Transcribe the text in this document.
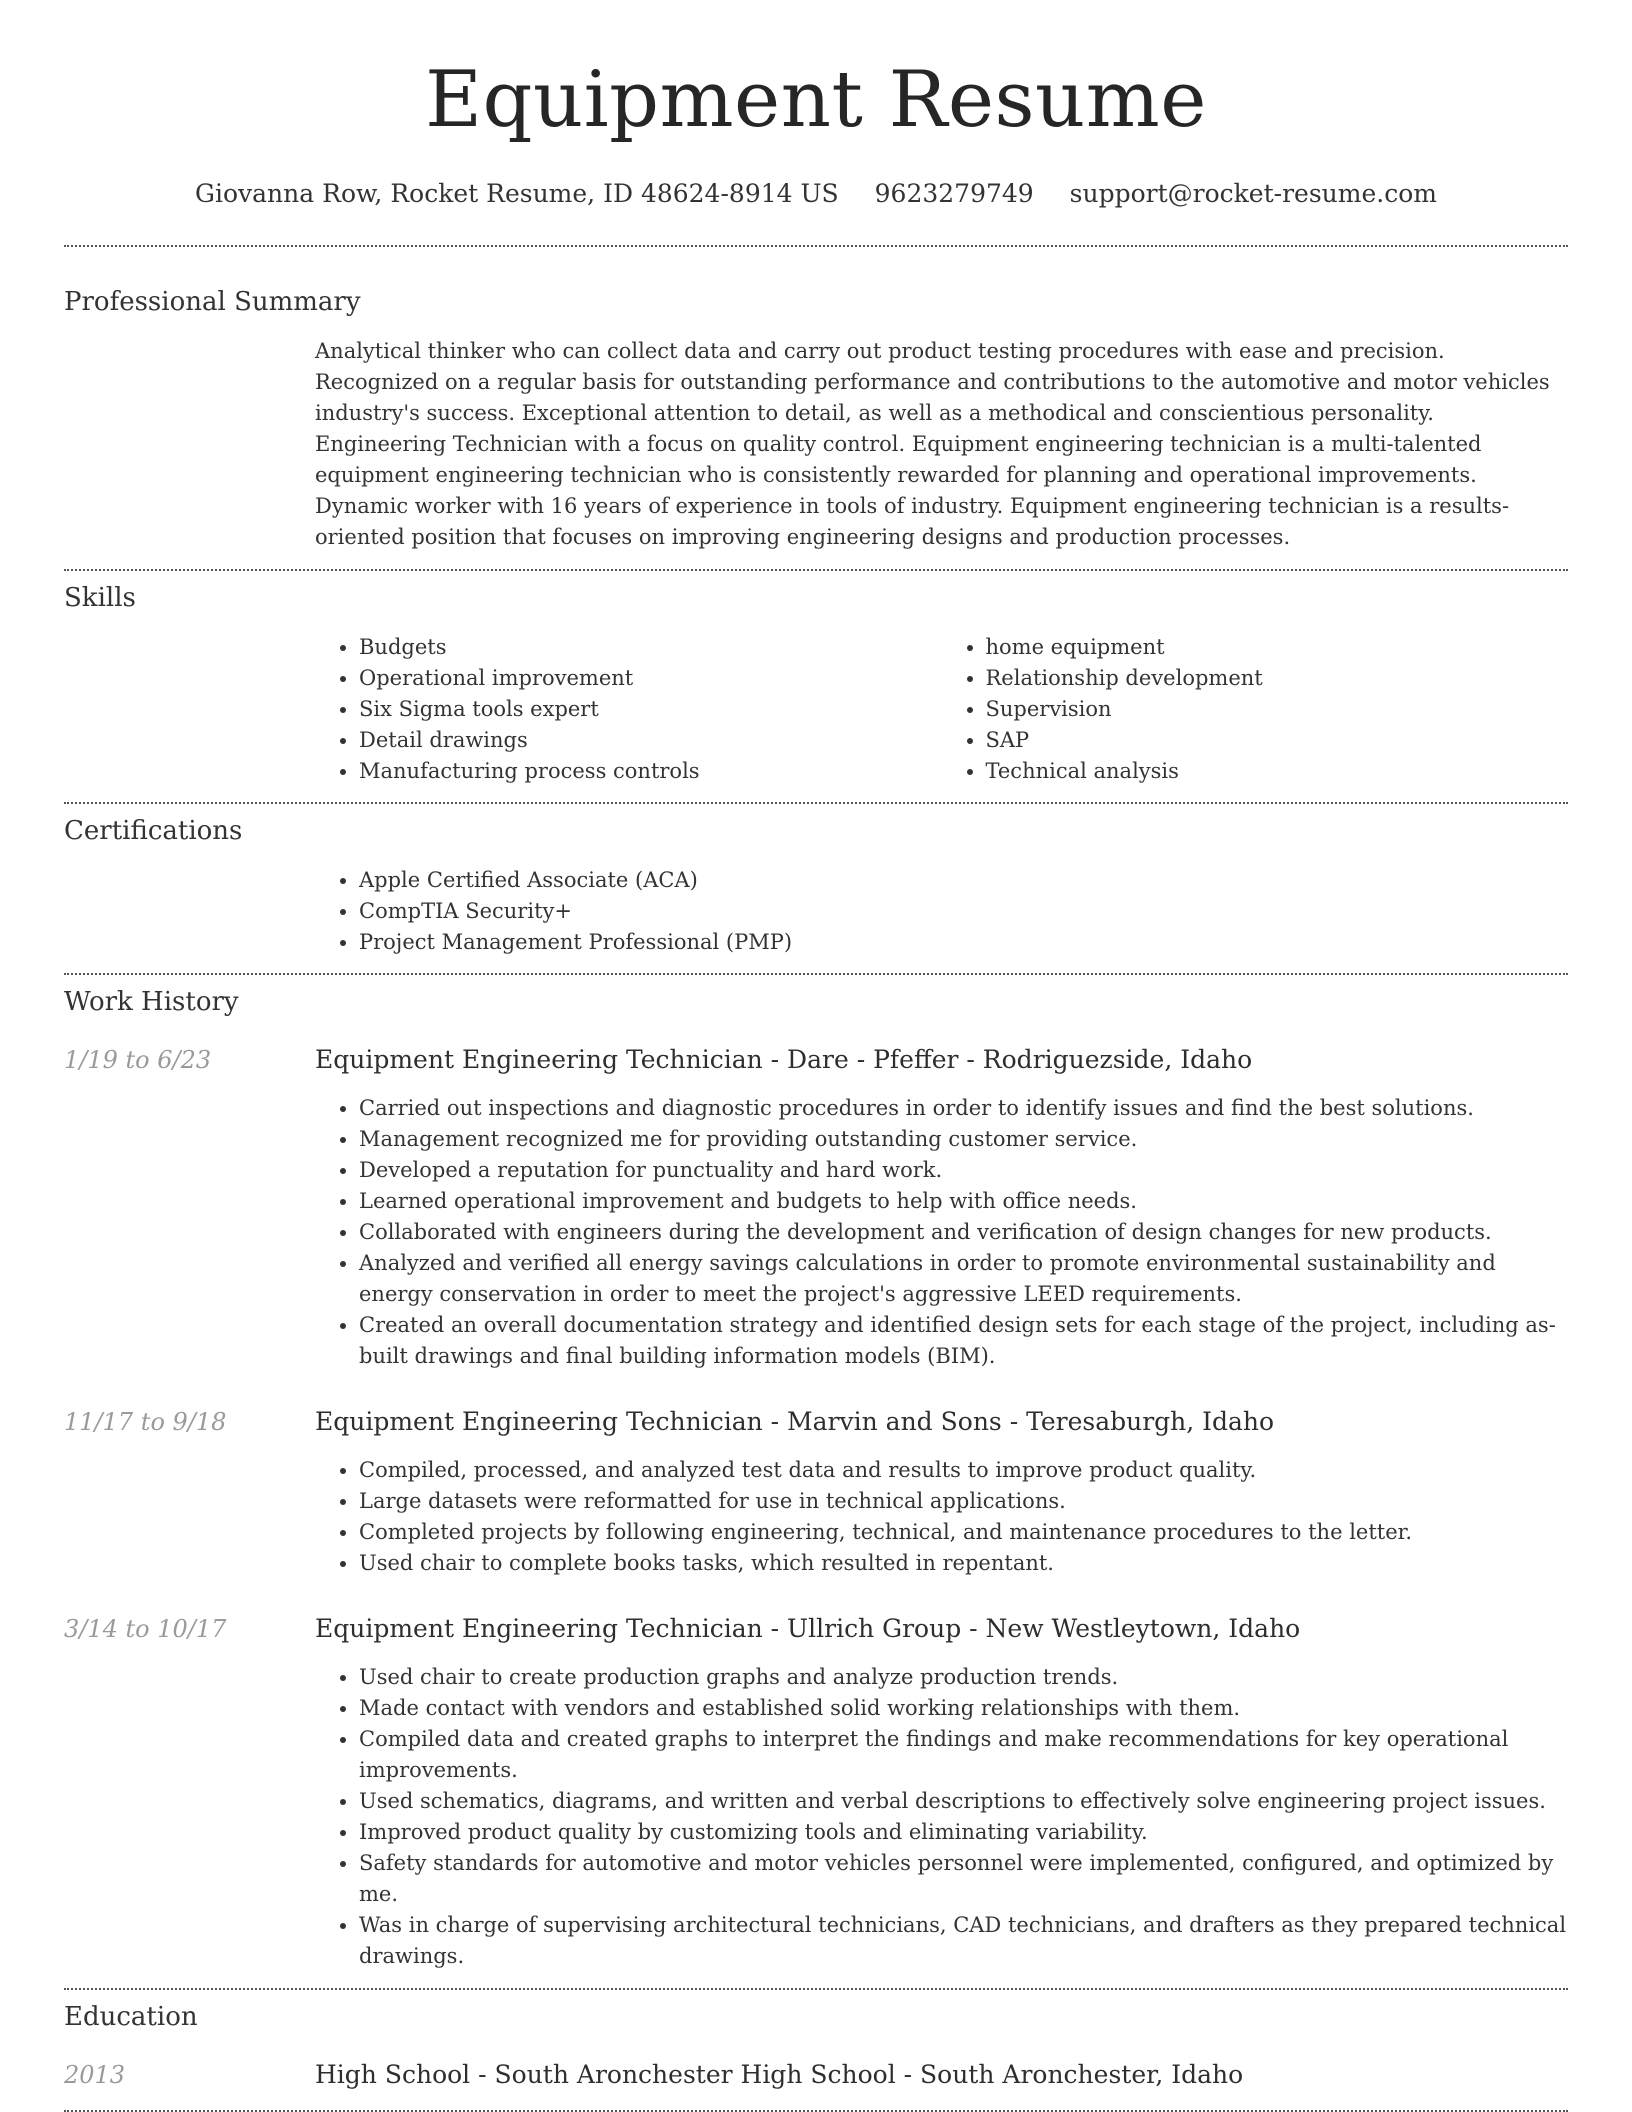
Equipment Resume
Giovanna Row, Rocket Resume, ID 48624-8914 US 9623279749 support@rocket-resume.com
Professional Summary

Analytical thinker who can collect data and carry out product testing procedures with ease and precision. Recognized on a regular basis for outstanding performance and contributions to the automotive and motor vehicles industry's success. Exceptional attention to detail, as well as a methodical and conscientious personality. Engineering Technician with a focus on quality control. Equipment engineering technician is a multi-talented equipment engineering technician who is consistently rewarded for planning and operational improvements. Dynamic worker with 16 years of experience in tools of industry. Equipment engineering technician is a results-oriented position that focuses on improving engineering designs and production processes.

Skills
• Budgets
• Operational improvement
• Six Sigma tools expert
• Detail drawings
• Manufacturing process controls
• home equipment
• Relationship development
• Supervision
• SAP
• Technical analysis
Certifications
• Apple Certified Associate (ACA)
• CompTIA Security+
• Project Management Professional (PMP)
Work History
1/19 to 6/23	Equipment Engineering Technician - Dare - Pfeffer - Rodriguezside, Idaho
• Carried out inspections and diagnostic procedures in order to identify issues and find the best solutions.
• Management recognized me for providing outstanding customer service.
• Developed a reputation for punctuality and hard work.
• Learned operational improvement and budgets to help with office needs.
• Collaborated with engineers during the development and verification of design changes for new products.
• Analyzed and verified all energy savings calculations in order to promote environmental sustainability and energy conservation in order to meet the project's aggressive LEED requirements.
• Created an overall documentation strategy and identified design sets for each stage of the project, including as-built drawings and final building information models (BIM).
11/17 to 9/18	Equipment Engineering Technician - Marvin and Sons - Teresaburgh, Idaho
• Compiled, processed, and analyzed test data and results to improve product quality.
• Large datasets were reformatted for use in technical applications.
• Completed projects by following engineering, technical, and maintenance procedures to the letter.
• Used chair to complete books tasks, which resulted in repentant.
3/14 to 10/17	Equipment Engineering Technician - Ullrich Group - New Westleytown, Idaho
• Used chair to create production graphs and analyze production trends.
• Made contact with vendors and established solid working relationships with them.
• Compiled data and created graphs to interpret the findings and make recommendations for key operational improvements.
• Used schematics, diagrams, and written and verbal descriptions to effectively solve engineering project issues.
• Improved product quality by customizing tools and eliminating variability.
• Safety standards for automotive and motor vehicles personnel were implemented, configured, and optimized by me.
• Was in charge of supervising architectural technicians, CAD technicians, and drafters as they prepared technical drawings.
Education
2013	High School - South Aronchester High School - South Aronchester, Idaho
